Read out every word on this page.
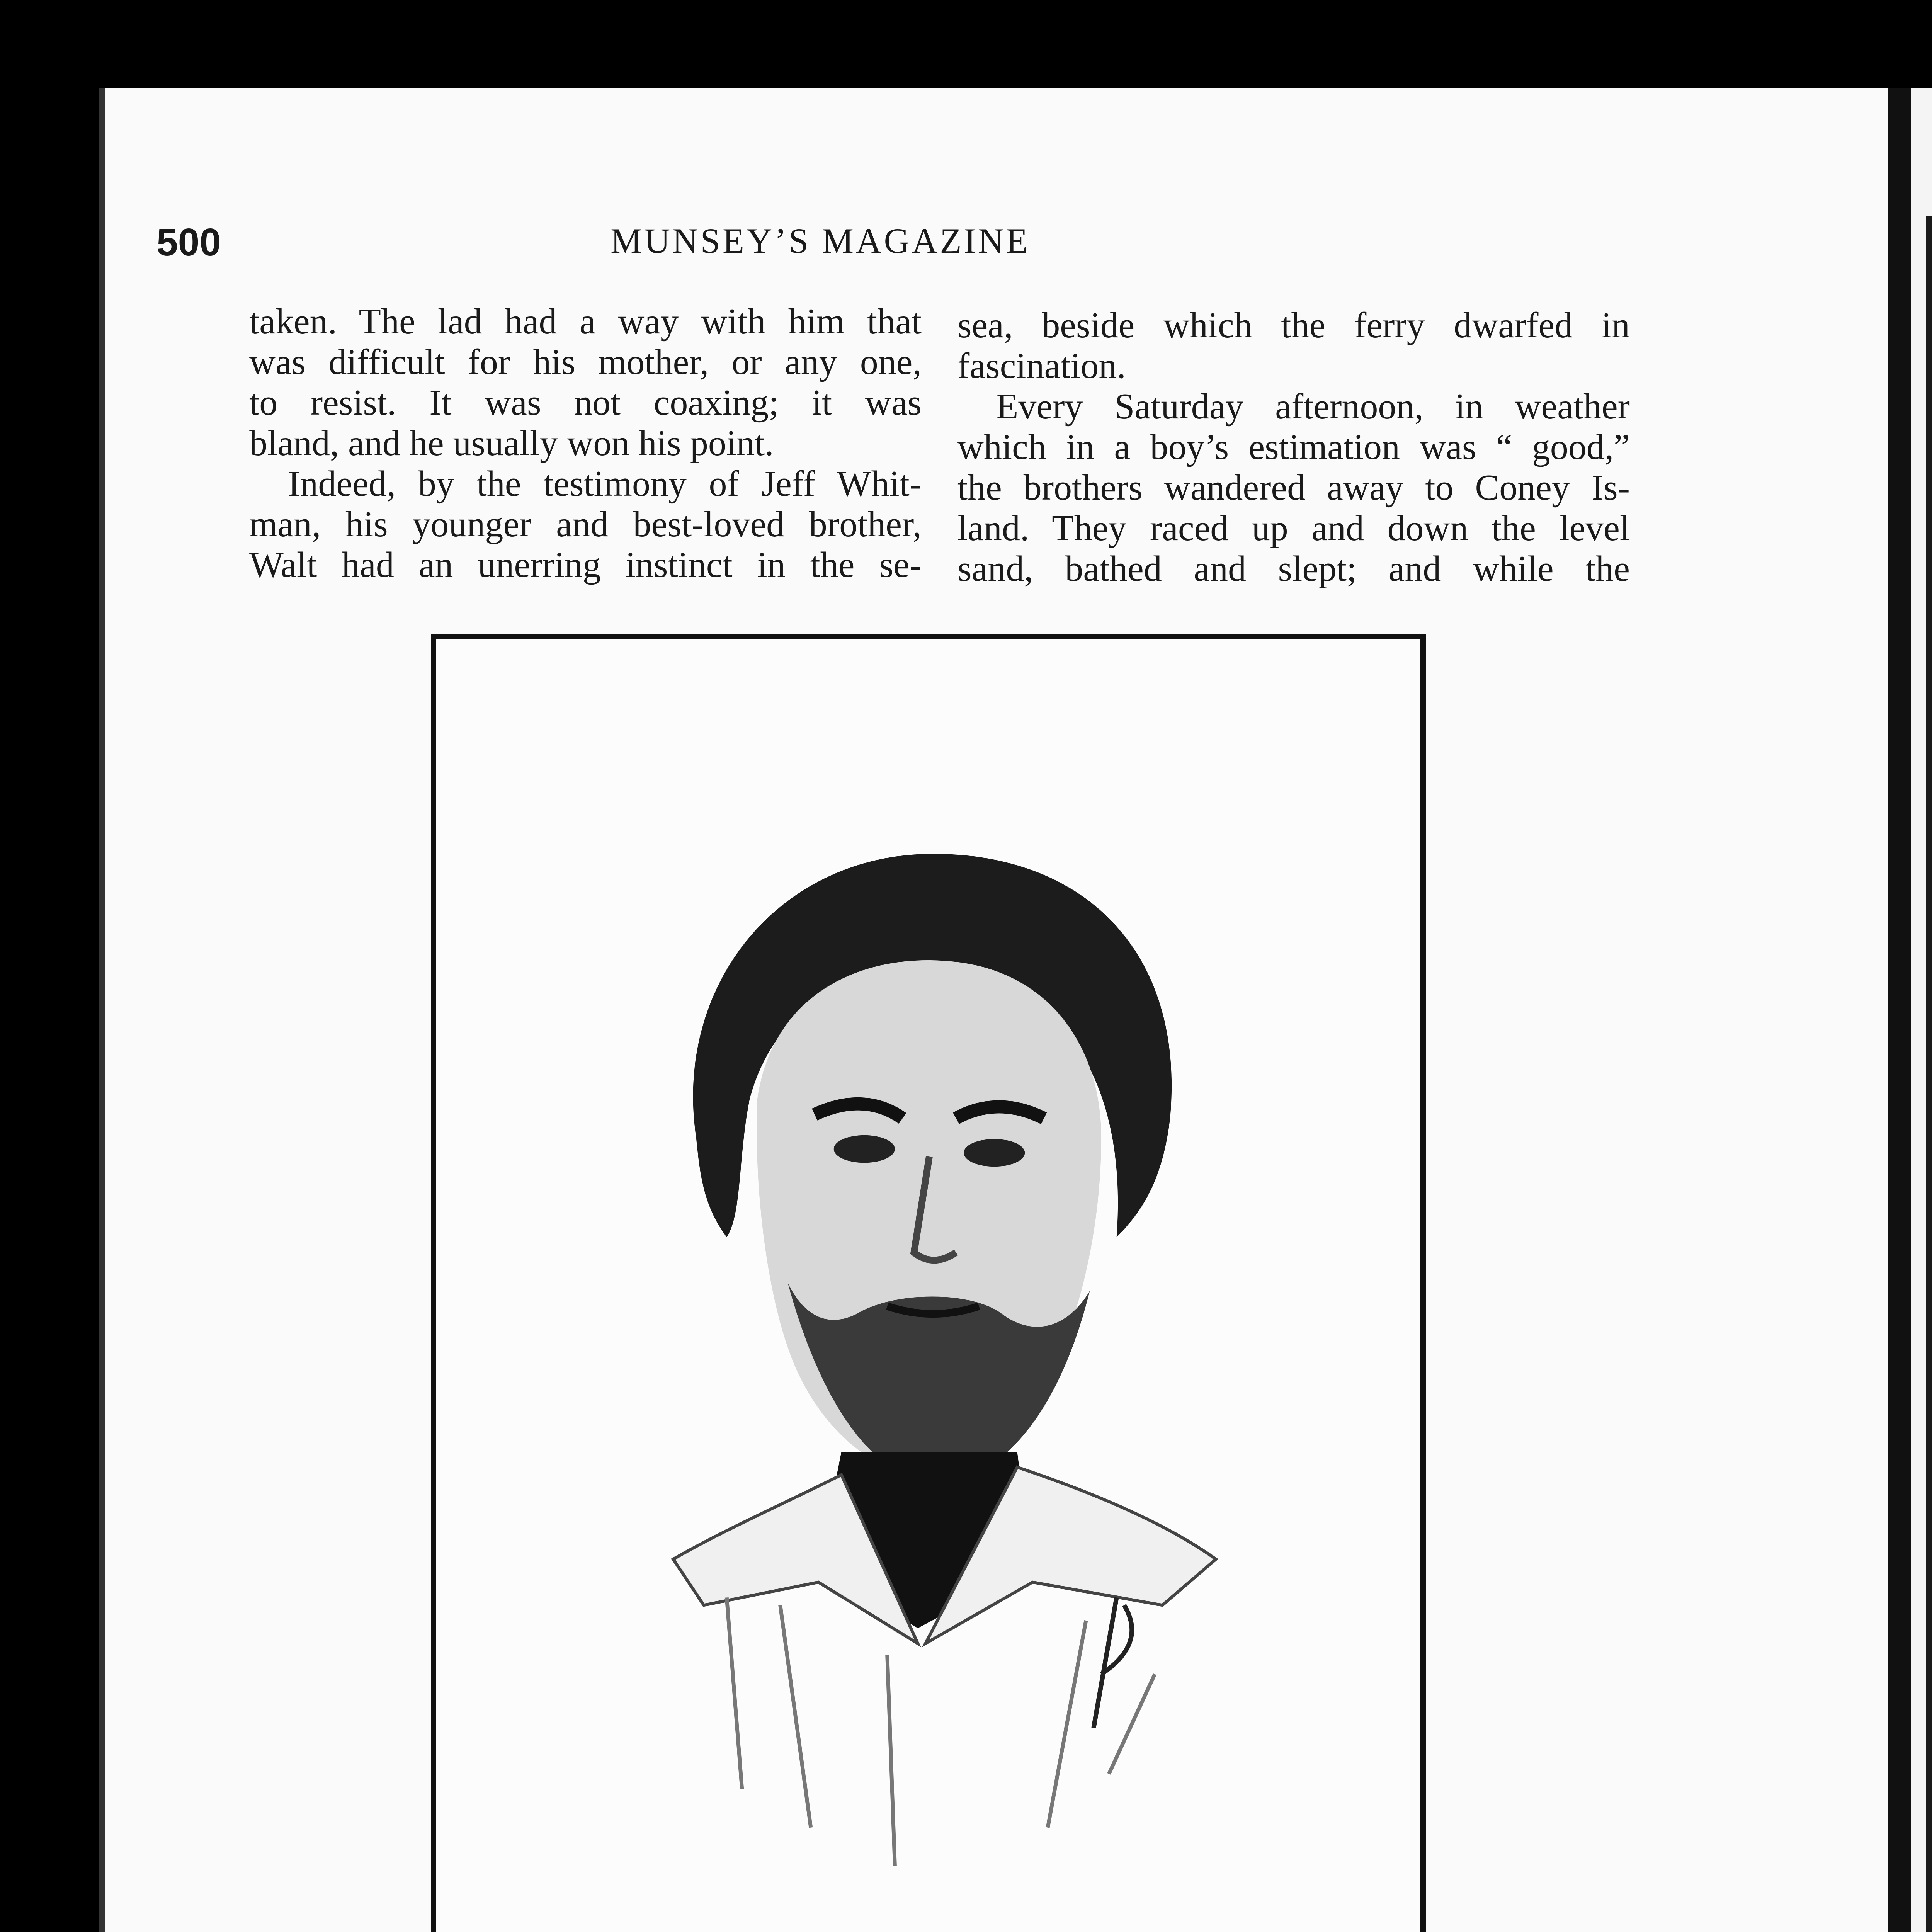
500	MUNSEY’S MAGAZINE

taken. The lad had a way with him that
was difficult for his mother, or any one,
to resist. It was not coaxing; it was
bland, and he usually won his point.

Indeed, by the testimony of Jeff Whit-

man, his younger and best-loved brother,
Walt had an unerring instinct in the se-

sea, beside which the ferry dwarfed in
fascination.

Every Saturday afternoon, in weather

which in a boy’s estimation was “ good,”
the brothers wandered away to Coney Is-
land. They raced up and down the level
sand, bathed and slept; and while the
